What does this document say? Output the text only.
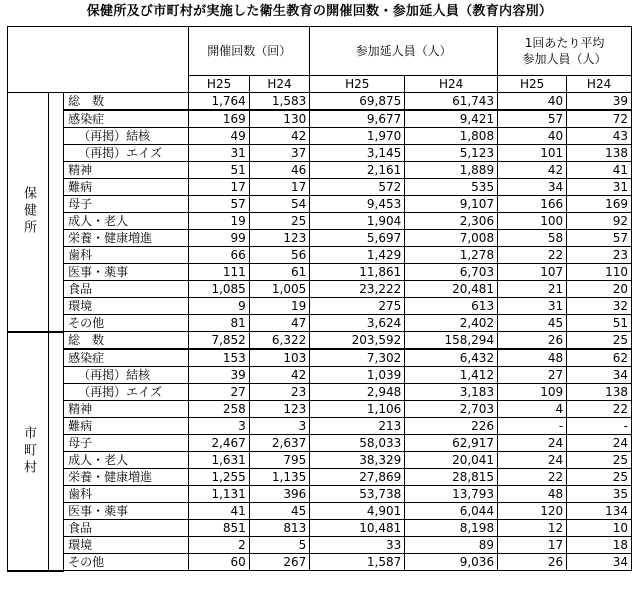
保健所及び市町村が実施した衛生教育の開催回数・参加延人員（教育内容別）
			開催回数（回）		参加延人員（人）		1回あたり平均
参加人員（人）	

			H25	H24	H25	H24	H25	H24
保健所		総　数	1,764	1,583	69,875	61,743	40	39
		感染症	169	130	9,677	9,421	57	72
		（再掲）結核	49	42	1,970	1,808	40	43
		（再掲）エイズ	31	37	3,145	5,123	101	138
		精神	51	46	2,161	1,889	42	41
		難病	17	17	572	535	34	31
		母子	57	54	9,453	9,107	166	169
		成人・老人	19	25	1,904	2,306	100	92
		栄養・健康増進	99	123	5,697	7,008	58	57
		歯科	66	56	1,429	1,278	22	23
		医事・薬事	111	61	11,861	6,703	107	110
		食品	1,085	1,005	23,222	20,481	21	20
		環境	9	19	275	613	31	32
		その他	81	47	3,624	2,402	45	51
市町村		総　数	7,852	6,322	203,592	158,294	26	25
		感染症	153	103	7,302	6,432	48	62
		（再掲）結核	39	42	1,039	1,412	27	34
		（再掲）エイズ	27	23	2,948	3,183	109	138
		精神	258	123	1,106	2,703	4	22
		難病	3	3	213	226	-	-
		母子	2,467	2,637	58,033	62,917	24	24
		成人・老人	1,631	795	38,329	20,041	24	25
		栄養・健康増進	1,255	1,135	27,869	28,815	22	25
		歯科	1,131	396	53,738	13,793	48	35
		医事・薬事	41	45	4,901	6,044	120	134
		食品	851	813	10,481	8,198	12	10
		環境	2	5	33	89	17	18
		その他	60	267	1,587	9,036	26	34
